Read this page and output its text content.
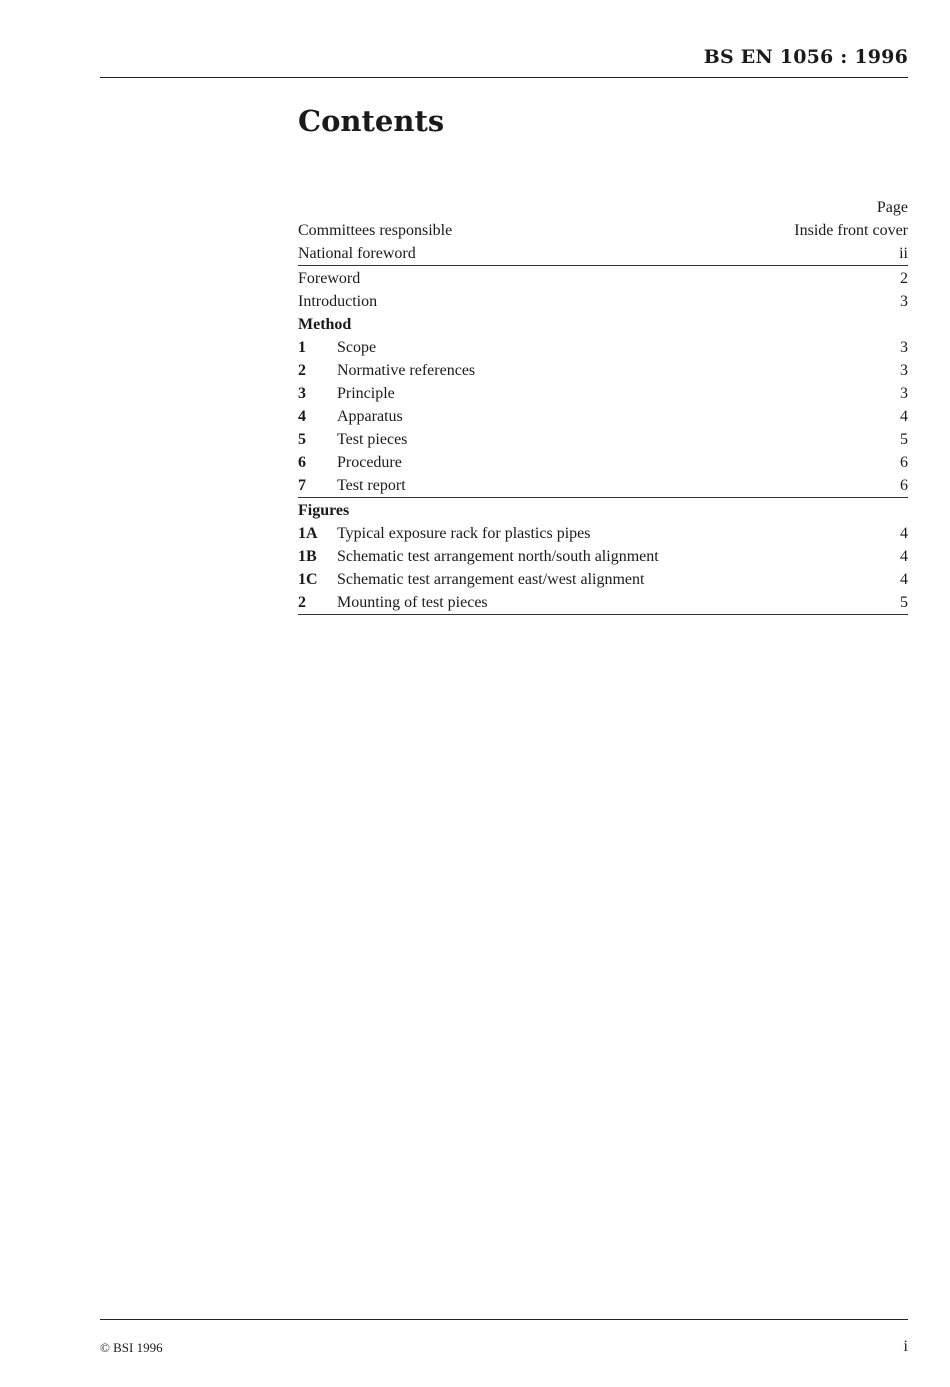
BS EN 1056 : 1996
Contents
Page
Committees responsible	Inside front cover
National foreword	ii
Foreword	2
Introduction	3
Method
1	Scope	3
2	Normative references	3
3	Principle	3
4	Apparatus	4
5	Test pieces	5
6	Procedure	6
7	Test report	6
Figures
1A	Typical exposure rack for plastics pipes	4
1B	Schematic test arrangement north/south alignment	4
1C	Schematic test arrangement east/west alignment	4
2	Mounting of test pieces	5
© BSI 1996	i
